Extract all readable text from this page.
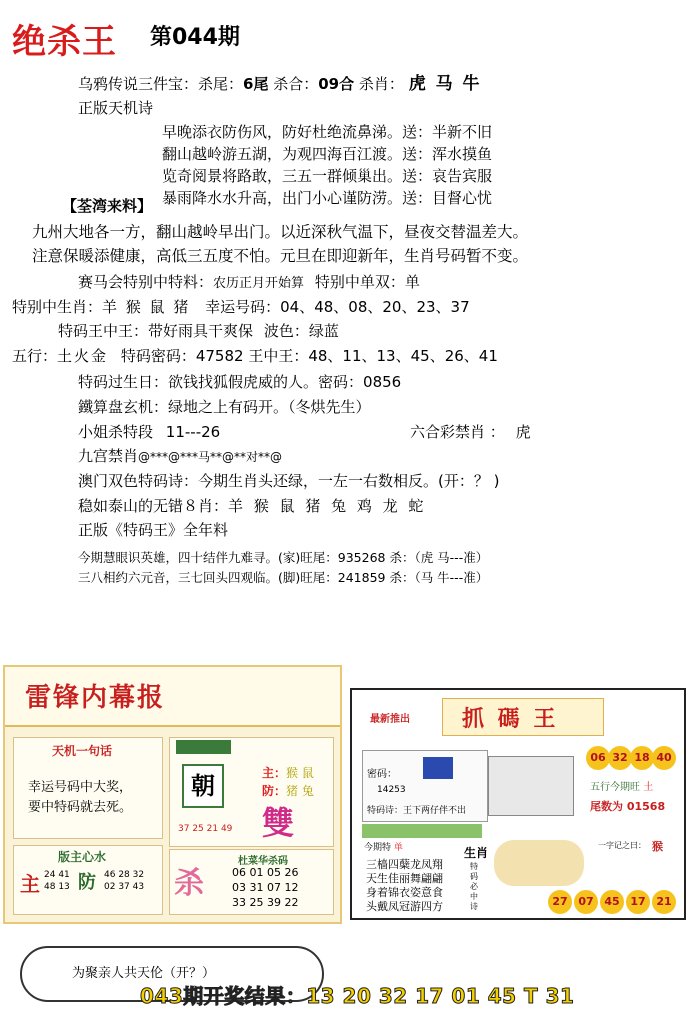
绝杀王 第044期
乌鸦传说三件宝：杀尾：6尾 杀合：09合 杀肖： 虎 马 牛
正版天机诗
早晚添衣防伤风，防好杜绝流鼻涕。送：半新不旧
翻山越岭游五湖，为观四海百江渡。送：浑水摸鱼
览奇阅景将路敢，三五一群倾巢出。送：哀告宾服
暴雨降水水升高，出门小心谨防涝。送：目督心忧
【荃湾来料】
九州大地各一方，翻山越岭早出门。以近深秋气温下，昼夜交替温差大。
注意保暖添健康，高低三五度不怕。元旦在即迎新年，生肖号码暂不变。
赛马会特别中特料：农历正月开始算 特别中单双：单
特别中生肖：羊 猴 鼠 猪 幸运号码：04、48、08、20、23、37
特码王中王：带好雨具干爽保 波色：绿蓝
五行：土火金 特码密码：47582 王中王：48、11、13、45、26、41
特码过生日：欲钱找狐假虎威的人。密码：0856
鐵算盘玄机：绿地之上有码开。（冬烘先生）
小姐杀特段 11---26	六合彩禁肖 ： 虎
九宫禁肖@***@***马**@**对**@
澳门双色特码诗：今期生肖头还绿，一左一右数相反。(开：？ )
稳如泰山的无错８肖：羊 猴 鼠 猪 兔 鸡 龙 蛇
正版《特码王》全年料
今期慧眼识英雄，四十结伴九难寻。(家)旺尾：935268 杀：（虎 马---准）
三八相约六元音，三七回头四观临。(脚)旺尾：241859 杀：（马 牛---准）
雷锋内幕报
天机一句话
幸运号码中大奖，
要中特码就去死。
朝	主：猴 鼠
防：猪 兔
雙
37 25 21 49
版主心水
主 24 41
48 13 防 46 28 32
02 37 43 杀
杜菜华杀码
06 01 05 26
03 31 07 12
33 25 39 22
最新推出 抓 碼 王
密码：
14253
特码诗：王下两仔伴不出
06 32 18 40
五行今期旺 土
尾数为 01568
今期特 单	生肖
三樯四蘖龙凤翔
天生佳丽舞翩翩
身着锦衣姿意食
头戴凤冠游四方
特码必中诗
一字记之曰： 猴
27 07 45 17 21
为聚亲人共天伦（开？）
043期开奖结果：13 20 32 17 01 45 T 31
